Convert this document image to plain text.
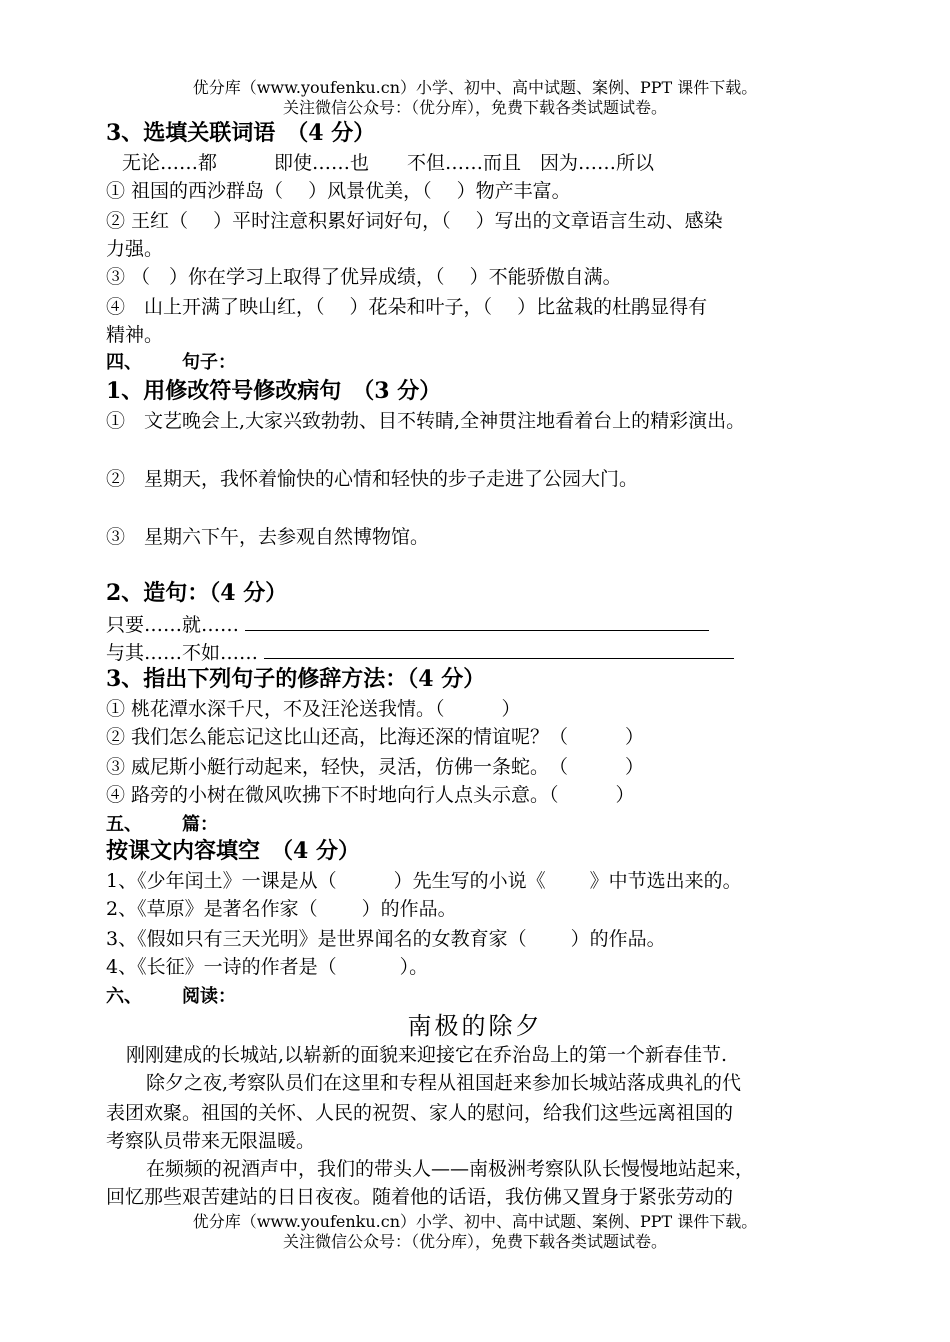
优分库（www.youfenku.cn）小学、初中、高中试题、案例、PPT 课件下载。
关注微信公众号：（优分库），免费下载各类试题试卷。
3、选填关联词语　（4 分）
无论……都　　　即使……也　　不但……而且　因为……所以
① 祖国的西沙群岛（　 ）风景优美，（　 ）物产丰富。
② 王红（　 ）平时注意积累好词好句，（　 ）写出的文章语言生动、感染
力强。
③ （　）你在学习上取得了优异成绩，（　 ）不能骄傲自满。
④　山上开满了映山红，（　 ）花朵和叶子，（　 ）比盆栽的杜鹃显得有
精神。
四、 句子：
1、用修改符号修改病句　（3 分）
①　文艺晚会上,大家兴致勃勃、目不转睛,全神贯注地看着台上的精彩演出。
②　星期天，我怀着愉快的心情和轻快的步子走进了公园大门。
③　星期六下午，去参观自然博物馆。
2、造句：（4 分）
只要……就……
与其……不如……
3、指出下列句子的修辞方法：（4 分）
① 桃花潭水深千尺，不及汪沦送我情。（　　　）
② 我们怎么能忘记这比山还高，比海还深的情谊呢？（　　　）
③ 威尼斯小艇行动起来，轻快，灵活，仿佛一条蛇。　（　　　）
④ 路旁的小树在微风吹拂下不时地向行人点头示意。（　　　）
五、 篇：
按课文内容填空　（4 分）
1、《少年闰土》一课是从（　　　）先生写的小说《　　 》中节选出来的。
2、《草原》是著名作家（　　 ）的作品。
3、《假如只有三天光明》是世界闻名的女教育家（　　 ）的作品。
4、《长征》一诗的作者是（　　　 ）。
六、 阅读：
南极的除夕
刚刚建成的长城站,以崭新的面貌来迎接它在乔治岛上的第一个新春佳节.
除夕之夜,考察队员们在这里和专程从祖国赶来参加长城站落成典礼的代
表团欢聚。祖国的关怀、人民的祝贺、家人的慰问，给我们这些远离祖国的
考察队员带来无限温暖。
在频频的祝酒声中，我们的带头人——南极洲考察队队长慢慢地站起来，
回忆那些艰苦建站的日日夜夜。随着他的话语，我仿佛又置身于紧张劳动的
优分库（www.youfenku.cn）小学、初中、高中试题、案例、PPT 课件下载。
关注微信公众号：（优分库），免费下载各类试题试卷。
